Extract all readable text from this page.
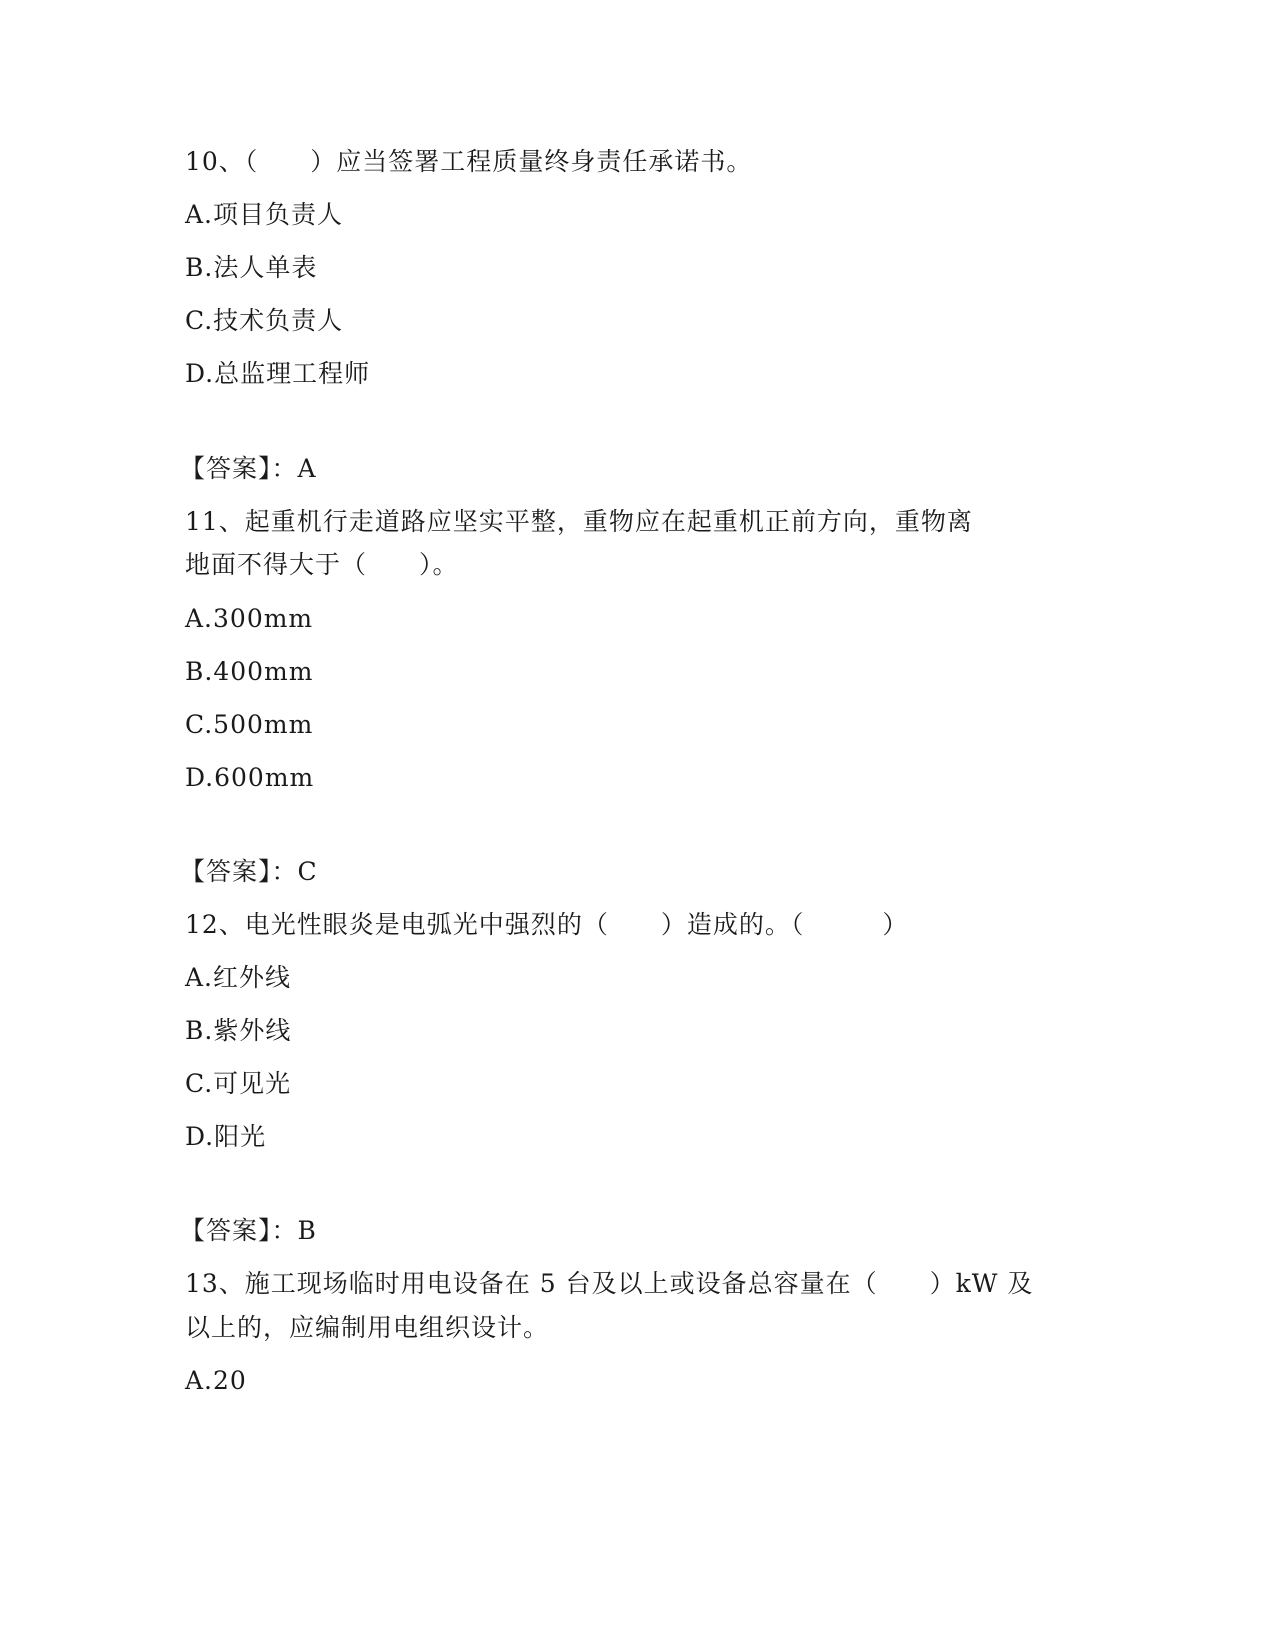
10、（　　）应当签署工程质量终身责任承诺书。
A.项目负责人
B.法人单表
C.技术负责人
D.总监理工程师
【答案】：A
11、起重机行走道路应坚实平整，重物应在起重机正前方向，重物离
地面不得大于（　　）。
A.300mm
B.400mm
C.500mm
D.600mm
【答案】：C
12、电光性眼炎是电弧光中强烈的（　　）造成的。（　　　）
A.红外线
B.紫外线
C.可见光
D.阳光
【答案】：B
13、施工现场临时用电设备在 5 台及以上或设备总容量在（　　）kW 及
以上的，应编制用电组织设计。
A.20
